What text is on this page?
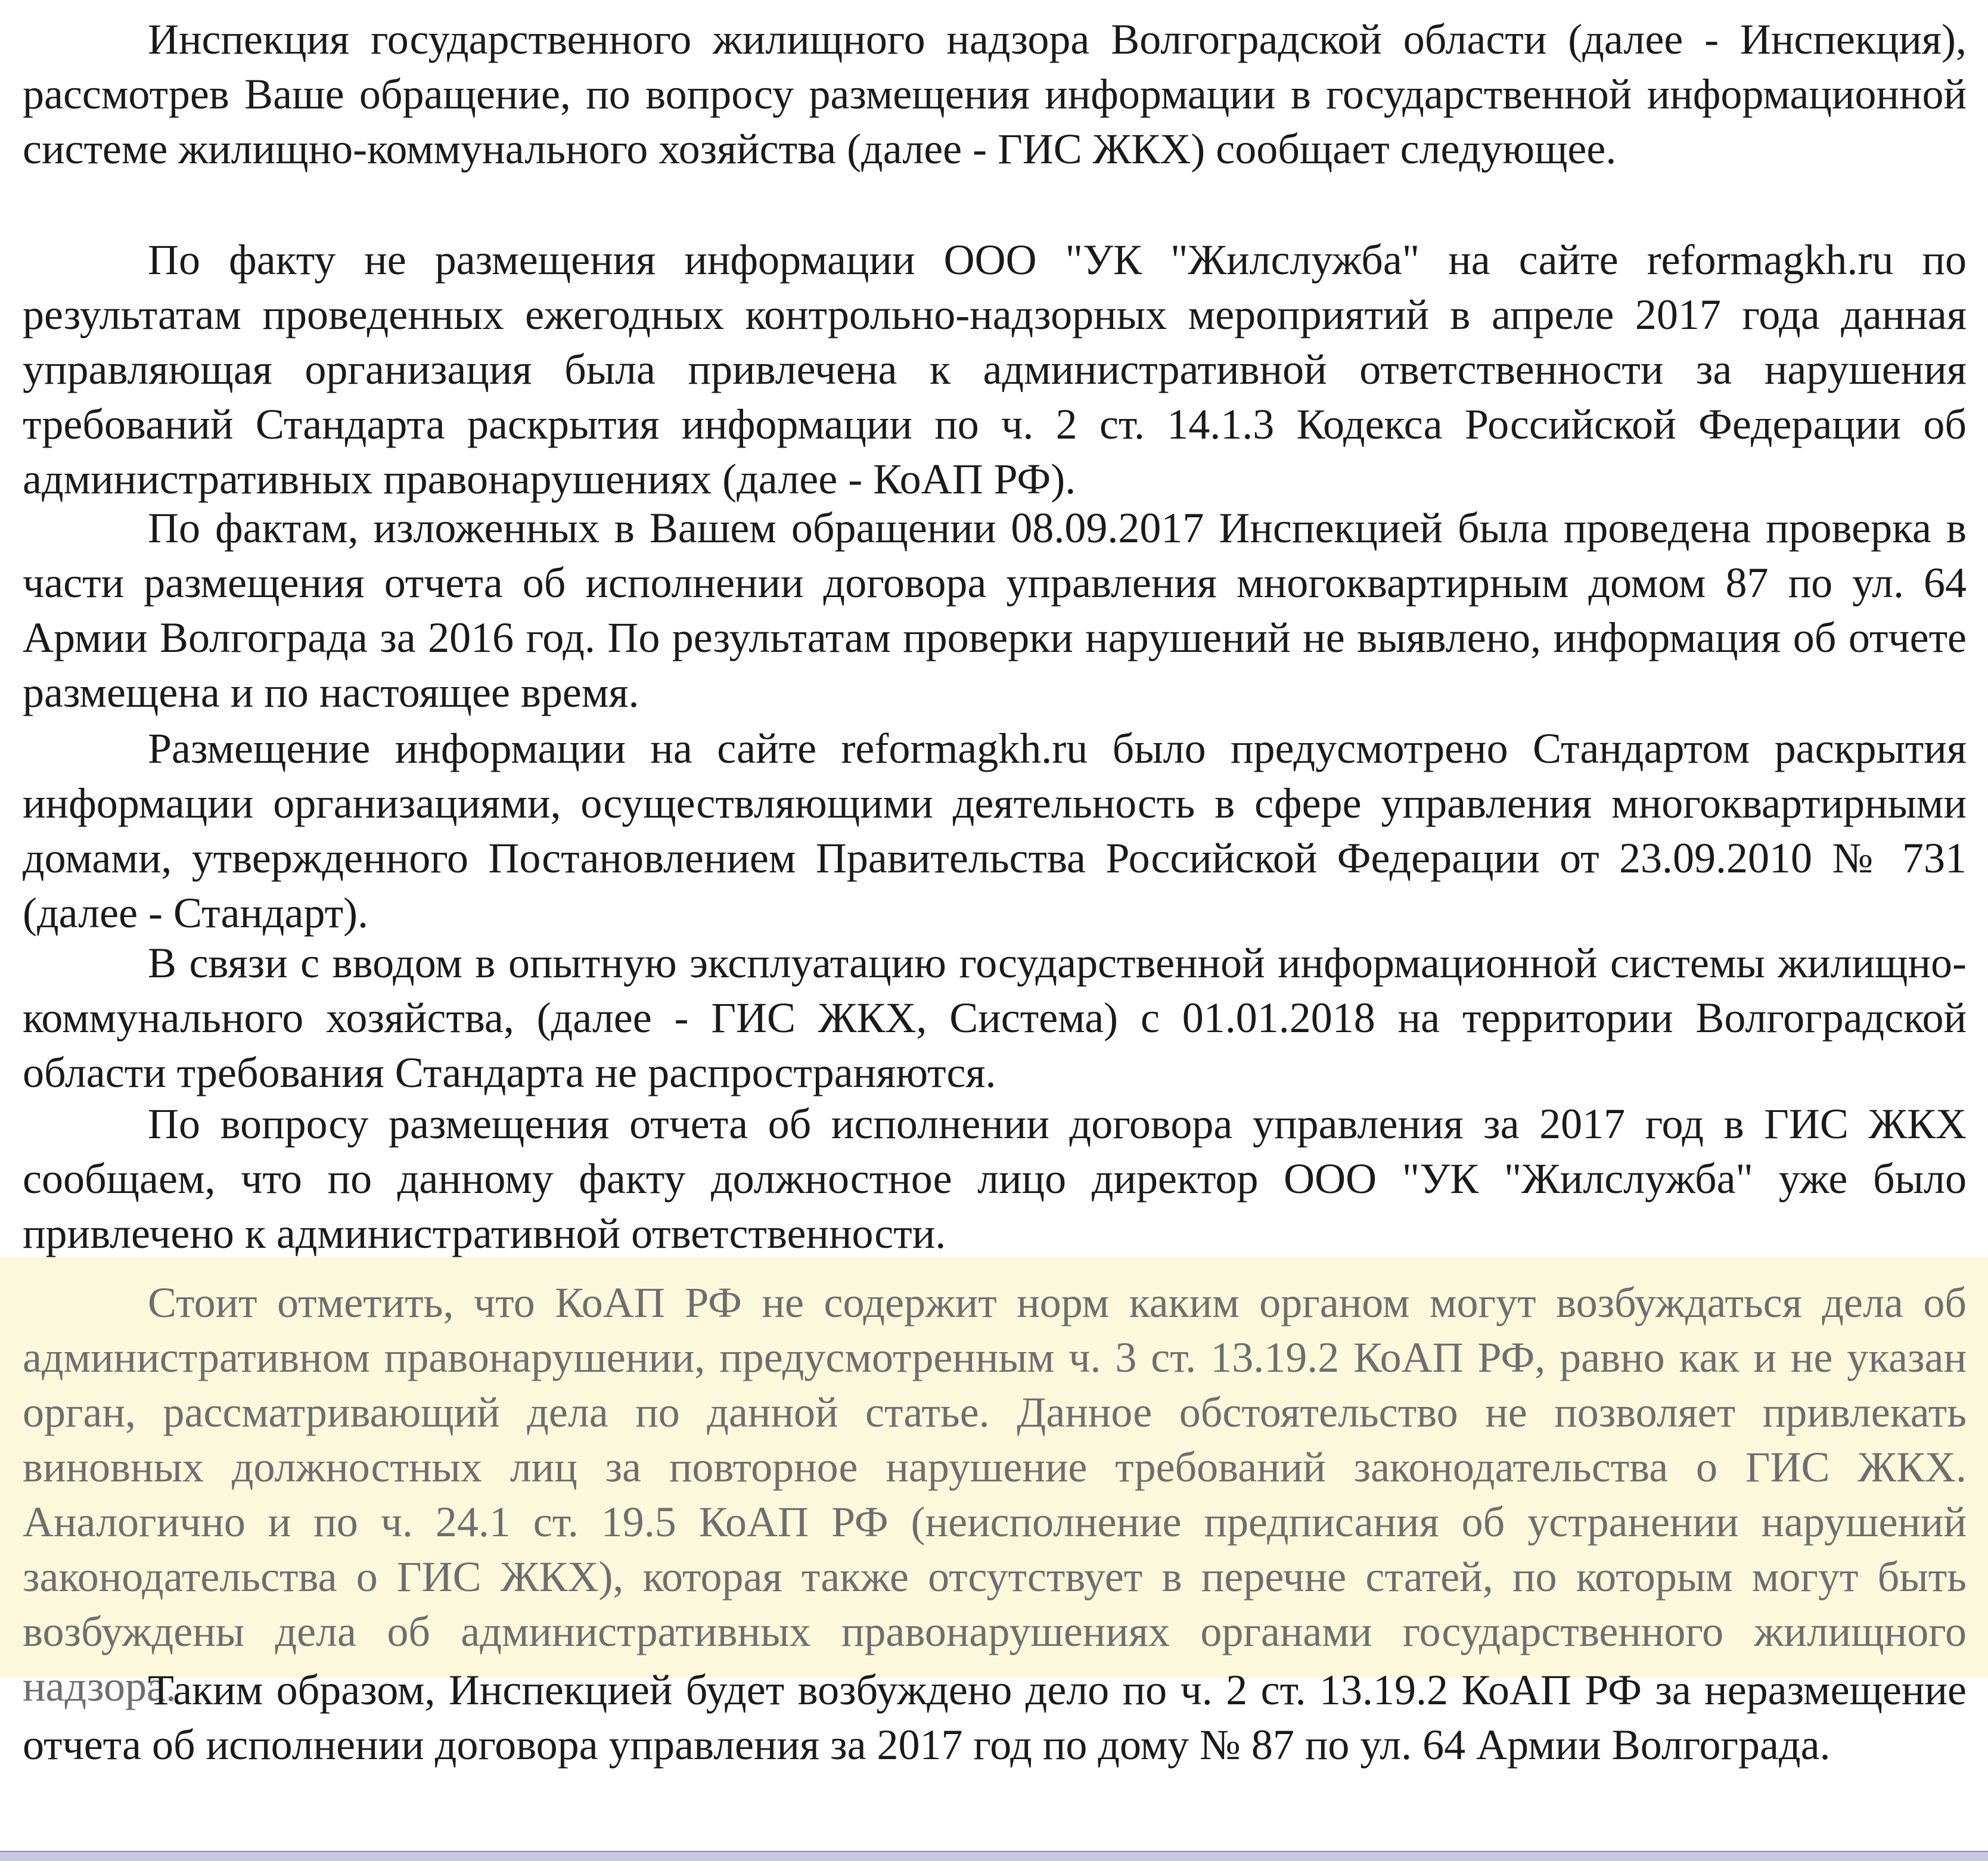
Инспекция государственного жилищного надзора Волгоградской области (далее - Инспекция), рассмотрев Ваше обращение, по вопросу размещения информации в государственной информационной системе жилищно-коммунального хозяйства (далее - ГИС ЖКХ) сообщает следующее.

По факту не размещения информации ООО "УК "Жилслужба" на сайте reformagkh.ru по результатам проведенных ежегодных контрольно-надзорных мероприятий в апреле 2017 года данная управляющая организация была привлечена к административной ответственности за нарушения требований Стандарта раскрытия информации по ч. 2 ст. 14.1.3 Кодекса Российской Федерации об административных правонарушениях (далее - КоАП РФ).

По фактам, изложенных в Вашем обращении 08.09.2017 Инспекцией была проведена проверка в части размещения отчета об исполнении договора управления многоквартирным домом 87 по ул. 64 Армии Волгограда за 2016 год. По результатам проверки нарушений не выявлено, информация об отчете размещена и по настоящее время.

Размещение информации на сайте reformagkh.ru было предусмотрено Стандартом раскрытия информации организациями, осуществляющими деятельность в сфере управления многоквартирными домами, утвержденного Постановлением Правительства Российской Федерации от 23.09.2010 № 731 (далее - Стандарт).

В связи с вводом в опытную эксплуатацию государственной информационной системы жилищно-коммунального хозяйства, (далее - ГИС ЖКХ, Система) с 01.01.2018 на территории Волгоградской области требования Стандарта не распространяются.

По вопросу размещения отчета об исполнении договора управления за 2017 год в ГИС ЖКХ сообщаем, что по данному факту должностное лицо директор ООО "УК "Жилслужба" уже было привлечено к административной ответственности.

Стоит отметить, что КоАП РФ не содержит норм каким органом могут возбуждаться дела об административном правонарушении, предусмотренным ч. 3 ст. 13.19.2 КоАП РФ, равно как и не указан орган, рассматривающий дела по данной статье. Данное обстоятельство не позволяет привлекать виновных должностных лиц за повторное нарушение требований законодательства о ГИС ЖКХ. Аналогично и по ч. 24.1 ст. 19.5 КоАП РФ (неисполнение предписания об устранении нарушений законодательства о ГИС ЖКХ), которая также отсутствует в перечне статей, по которым могут быть возбуждены дела об административных правонарушениях органами государственного жилищного надзора.

Таким образом, Инспекцией будет возбуждено дело по ч. 2 ст. 13.19.2 КоАП РФ за неразмещение отчета об исполнении договора управления за 2017 год по дому № 87 по ул. 64 Армии Волгограда.
